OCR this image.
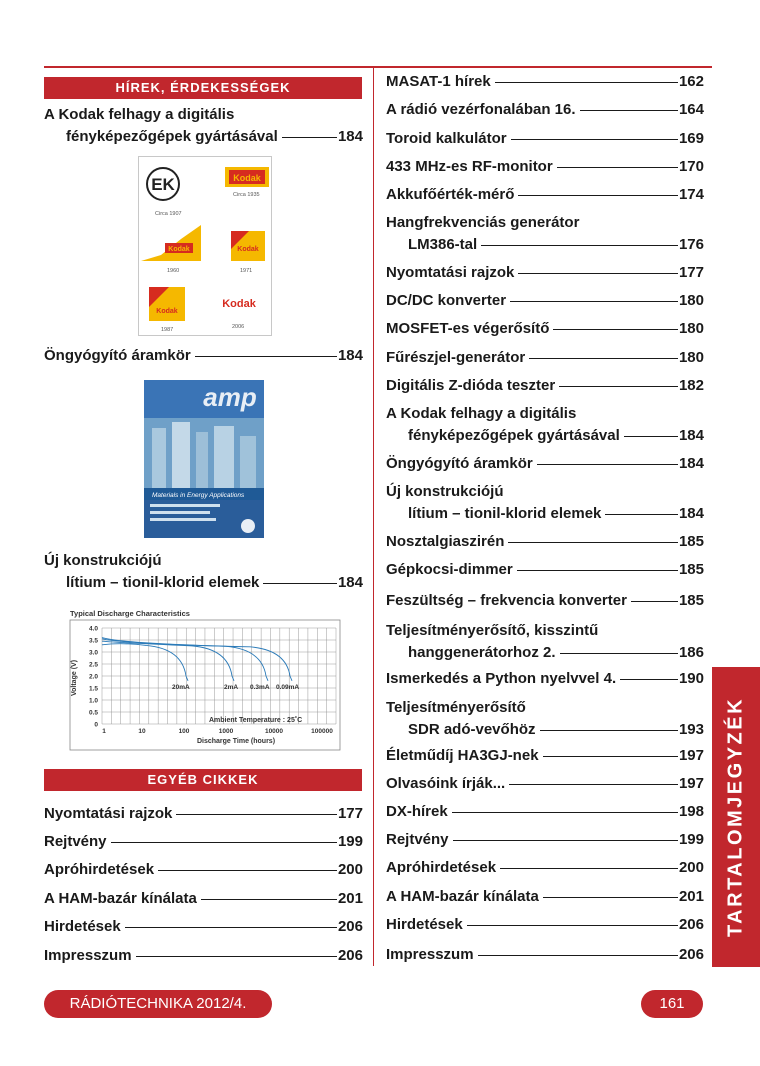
HÍREK, ÉRDEKESSÉGEK
A Kodak felhagy a digitális
fényképezőgépek gyártásával	184
EK
Circa 1907
Kodak
Circa 1935
Kodak
1960
Kodak
1971
Kodak
1987
Kodak
2006
Öngyógyító áramkör	184
amp
Materials in Energy Applications
Új konstrukciójú
lítium – tionil-klorid elemek	184
Typical Discharge Characteristics
4.0
3.5
3.0
2.5
2.0
1.5
1.0
0.5
0
1	10	100	1000	10000	100000
20mA	2mA 0.3mA 0.09mA
Voltage (V)
Discharge Time (hours)
Ambient Temperature : 25˚C
EGYÉB CIKKEK
Nyomtatási rajzok	177
Rejtvény	199
Apróhirdetések	200
A HAM-bazár kínálata	201
Hirdetések	206
Impresszum	206
MASAT-1 hírek	162
A rádió vezérfonalában 16.	164
Toroid kalkulátor	169
433 MHz-es RF-monitor	170
Akkufőérték-mérő	174
Hangfrekvenciás generátor
LM386-tal	176
Nyomtatási rajzok	177
DC/DC konverter	180
MOSFET-es végerősítő	180
Fűrészjel-generátor	180
Digitális Z-dióda teszter	182
A Kodak felhagy a digitális
fényképezőgépek gyártásával	184
Öngyógyító áramkör	184
Új konstrukciójú
lítium – tionil-klorid elemek	184
Nosztalgiaszirén	185
Gépkocsi-dimmer	185
Feszültség – frekvencia konverter	185
Teljesítményerősítő, kisszintű
hanggenerátorhoz 2.	186
Ismerkedés a Python nyelvvel 4.	190
Teljesítményerősítő
SDR adó-vevőhöz	193
Életműdíj HA3GJ-nek	197
Olvasóink írják...	197
DX-hírek	198
Rejtvény	199
Apróhirdetések	200
A HAM-bazár kínálata	201
Hirdetések	206
Impresszum	206
TARTALOMJEGYZÉK
RÁDIÓTECHNIKA 2012/4.	161
